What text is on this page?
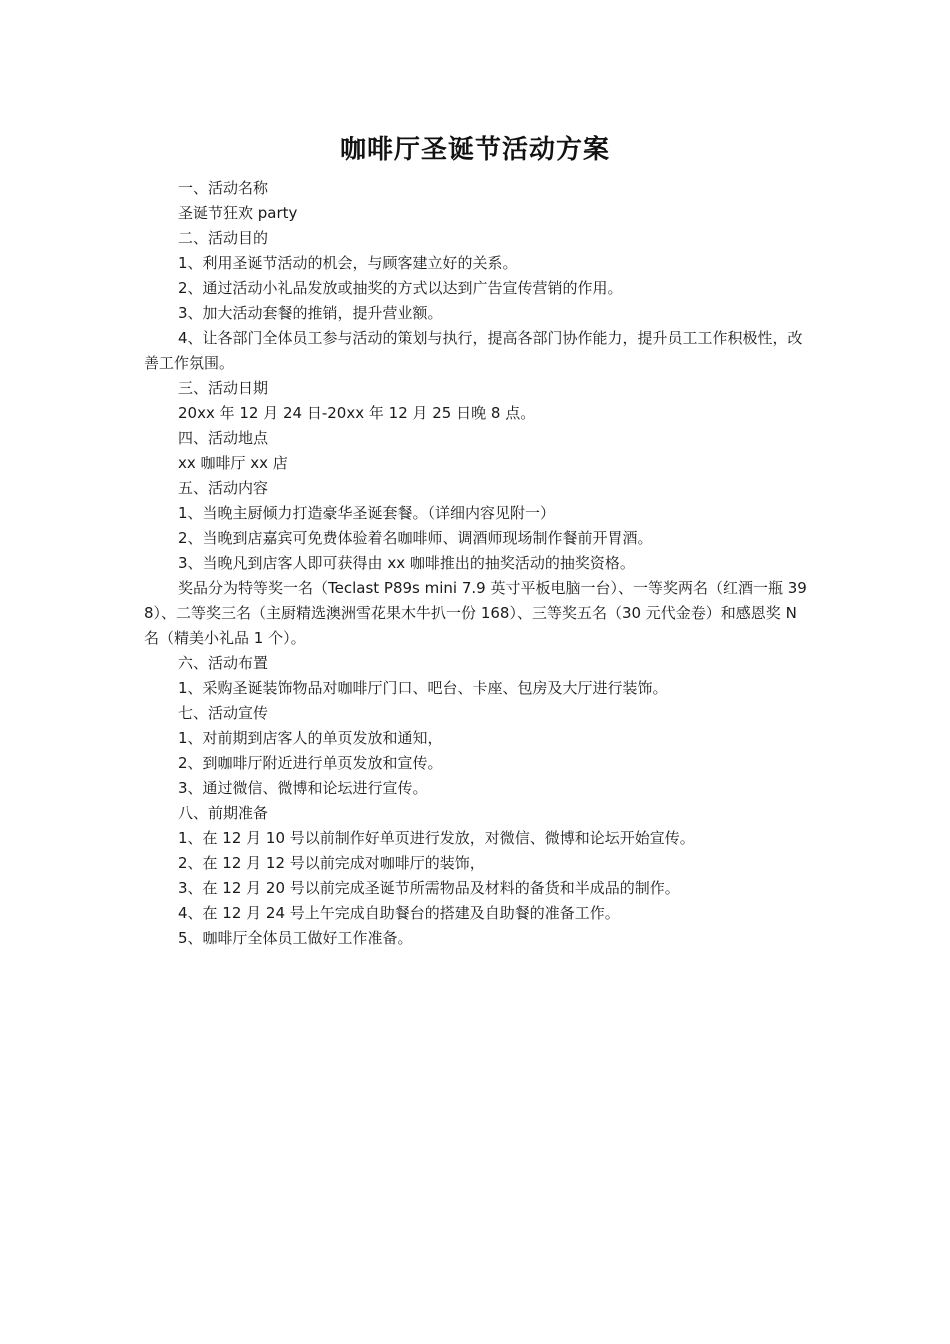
咖啡厅圣诞节活动方案

一、活动名称

圣诞节狂欢 party

二、活动目的

1、利用圣诞节活动的机会，与顾客建立好的关系。

2、通过活动小礼品发放或抽奖的方式以达到广告宣传营销的作用。

3、加大活动套餐的推销，提升营业额。

4、让各部门全体员工参与活动的策划与执行，提高各部门协作能力，提升员工工作积极性，改善工作氛围。

三、活动日期

20xx 年 12 月 24 日-20xx 年 12 月 25 日晚 8 点。

四、活动地点

xx 咖啡厅 xx 店

五、活动内容

1、当晚主厨倾力打造豪华圣诞套餐。（详细内容见附一）

2、当晚到店嘉宾可免费体验着名咖啡师、调酒师现场制作餐前开胃酒。

3、当晚凡到店客人即可获得由 xx 咖啡推出的抽奖活动的抽奖资格。

奖品分为特等奖一名（Teclast P89s mini 7.9 英寸平板电脑一台）、一等奖两名（红酒一瓶 398）、二等奖三名（主厨精选澳洲雪花果木牛扒一份 168）、三等奖五名（30 元代金卷）和感恩奖 N 名（精美小礼品 1 个）。

六、活动布置

1、采购圣诞装饰物品对咖啡厅门口、吧台、卡座、包房及大厅进行装饰。

七、活动宣传

1、对前期到店客人的单页发放和通知，

2、到咖啡厅附近进行单页发放和宣传。

3、通过微信、微博和论坛进行宣传。

八、前期准备

1、在 12 月 10 号以前制作好单页进行发放，对微信、微博和论坛开始宣传。

2、在 12 月 12 号以前完成对咖啡厅的装饰，

3、在 12 月 20 号以前完成圣诞节所需物品及材料的备货和半成品的制作。

4、在 12 月 24 号上午完成自助餐台的搭建及自助餐的准备工作。

5、咖啡厅全体员工做好工作准备。
